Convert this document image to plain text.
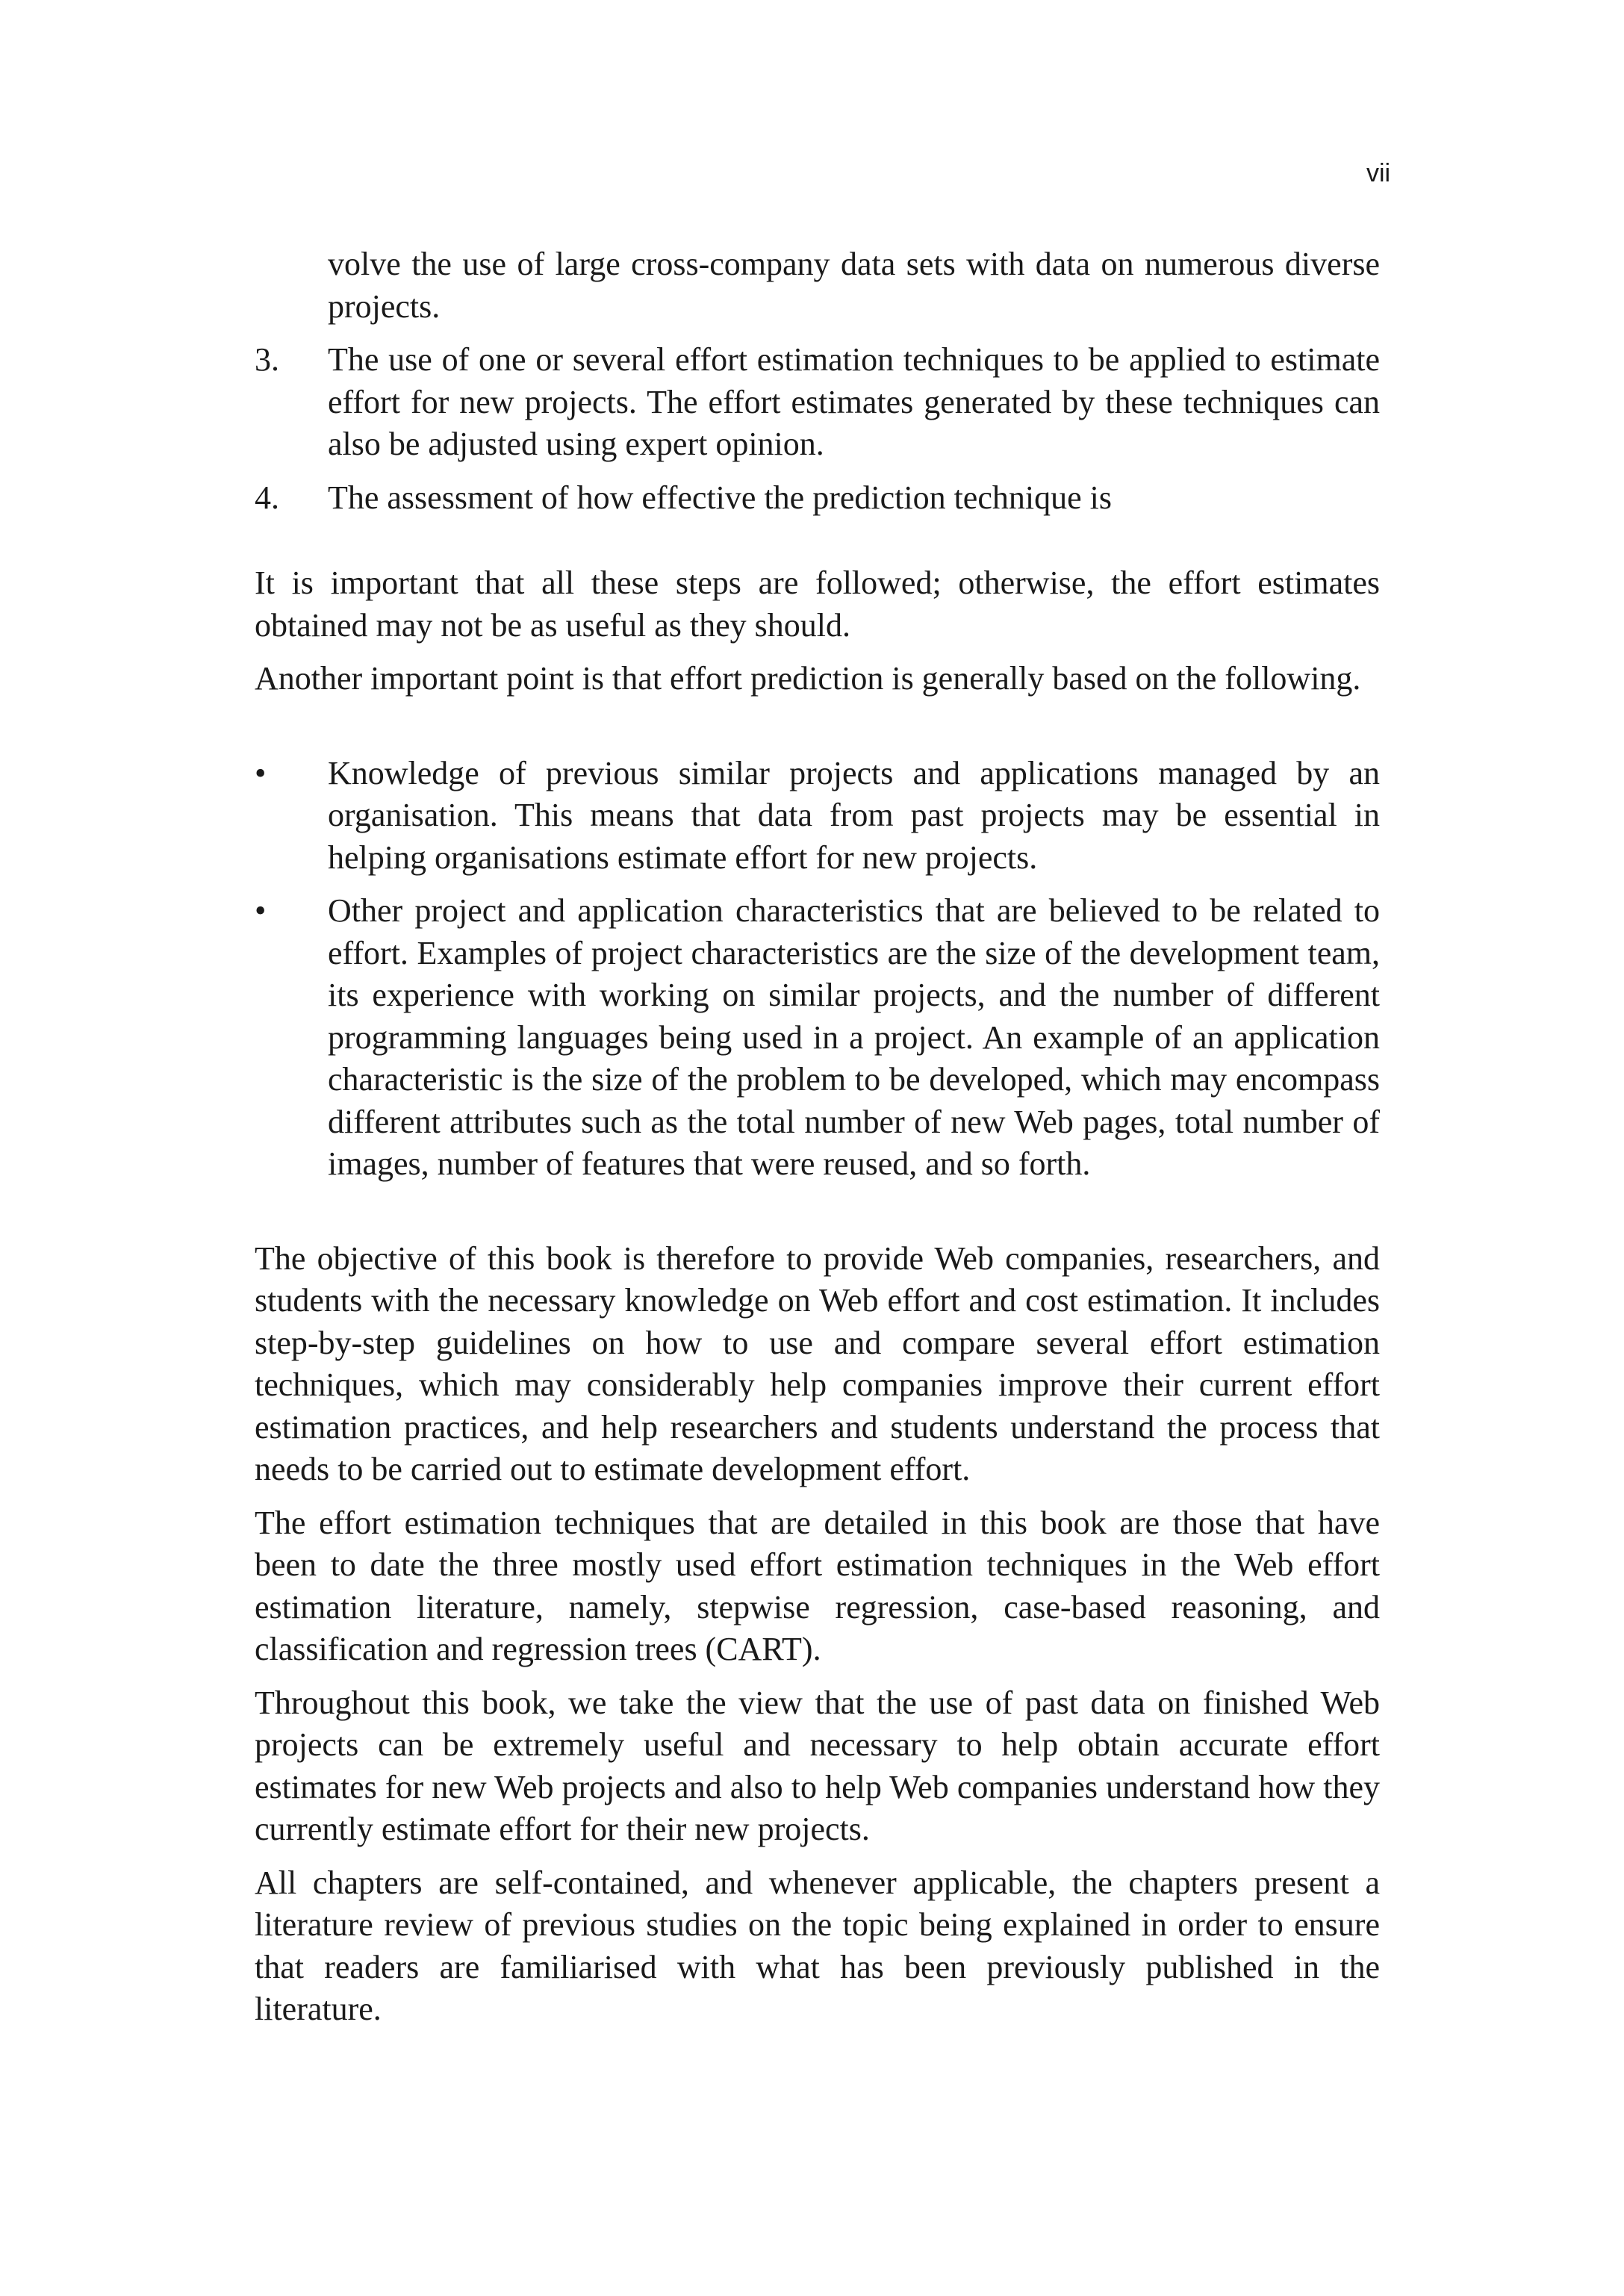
vii
volve the use of large cross-company data sets with data on numerous diverse projects.
3.	The use of one or several effort estimation techniques to be applied to estimate effort for new projects. The effort estimates generated by these techniques can also be adjusted using expert opinion.
4.	The assessment of how effective the prediction technique is

It is important that all these steps are followed; otherwise, the effort estimates obtained may not be as useful as they should.

Another important point is that effort prediction is generally based on the following.

•	Knowledge of previous similar projects and applications managed by an organisation. This means that data from past projects may be essential in helping organisations estimate effort for new projects.
•	Other project and application characteristics that are believed to be related to effort. Examples of project characteristics are the size of the development team, its experience with working on similar projects, and the number of different programming languages being used in a project. An example of an application characteristic is the size of the problem to be developed, which may encompass different attributes such as the total number of new Web pages, total number of images, number of features that were reused, and so forth.

The objective of this book is therefore to provide Web companies, researchers, and students with the necessary knowledge on Web effort and cost estimation. It includes step-by-step guidelines on how to use and compare several effort estimation techniques, which may considerably help companies improve their current effort estimation practices, and help researchers and students understand the process that needs to be carried out to estimate development effort.

The effort estimation techniques that are detailed in this book are those that have been to date the three mostly used effort estimation techniques in the Web effort estimation literature, namely, stepwise regression, case-based reasoning, and classification and regression trees (CART).

Throughout this book, we take the view that the use of past data on finished Web projects can be extremely useful and necessary to help obtain accurate effort estimates for new Web projects and also to help Web companies understand how they currently estimate effort for their new projects.

All chapters are self-contained, and whenever applicable, the chapters present a literature review of previous studies on the topic being explained in order to ensure that readers are familiarised with what has been previously published in the literature.
